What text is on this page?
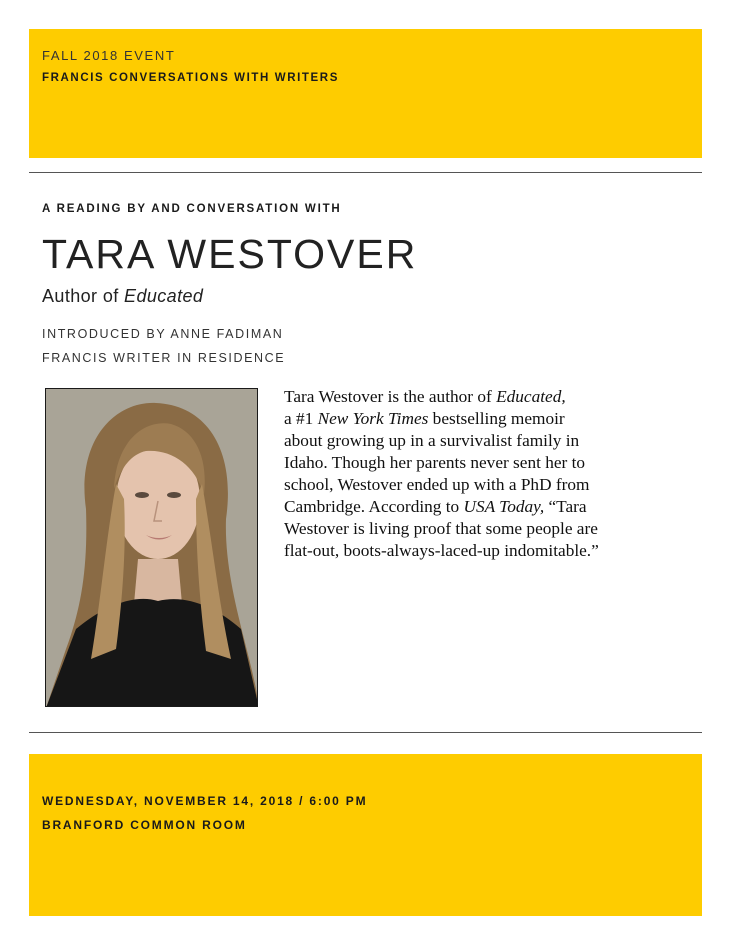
FALL 2018 EVENT

FRANCIS CONVERSATIONS WITH WRITERS

A READING BY AND CONVERSATION WITH

TARA WESTOVER

Author of Educated

INTRODUCED BY ANNE FADIMAN

FRANCIS WRITER IN RESIDENCE

Tara Westover is the author of Educated,
a #1 New York Times bestselling memoir
about growing up in a survivalist family in
Idaho. Though her parents never sent her to
school, Westover ended up with a PhD from
Cambridge. According to USA Today, “Tara
Westover is living proof that some people are
flat-out, boots-always-laced-up indomitable.”

WEDNESDAY, NOVEMBER 14, 2018 / 6:00 PM

BRANFORD COMMON ROOM
